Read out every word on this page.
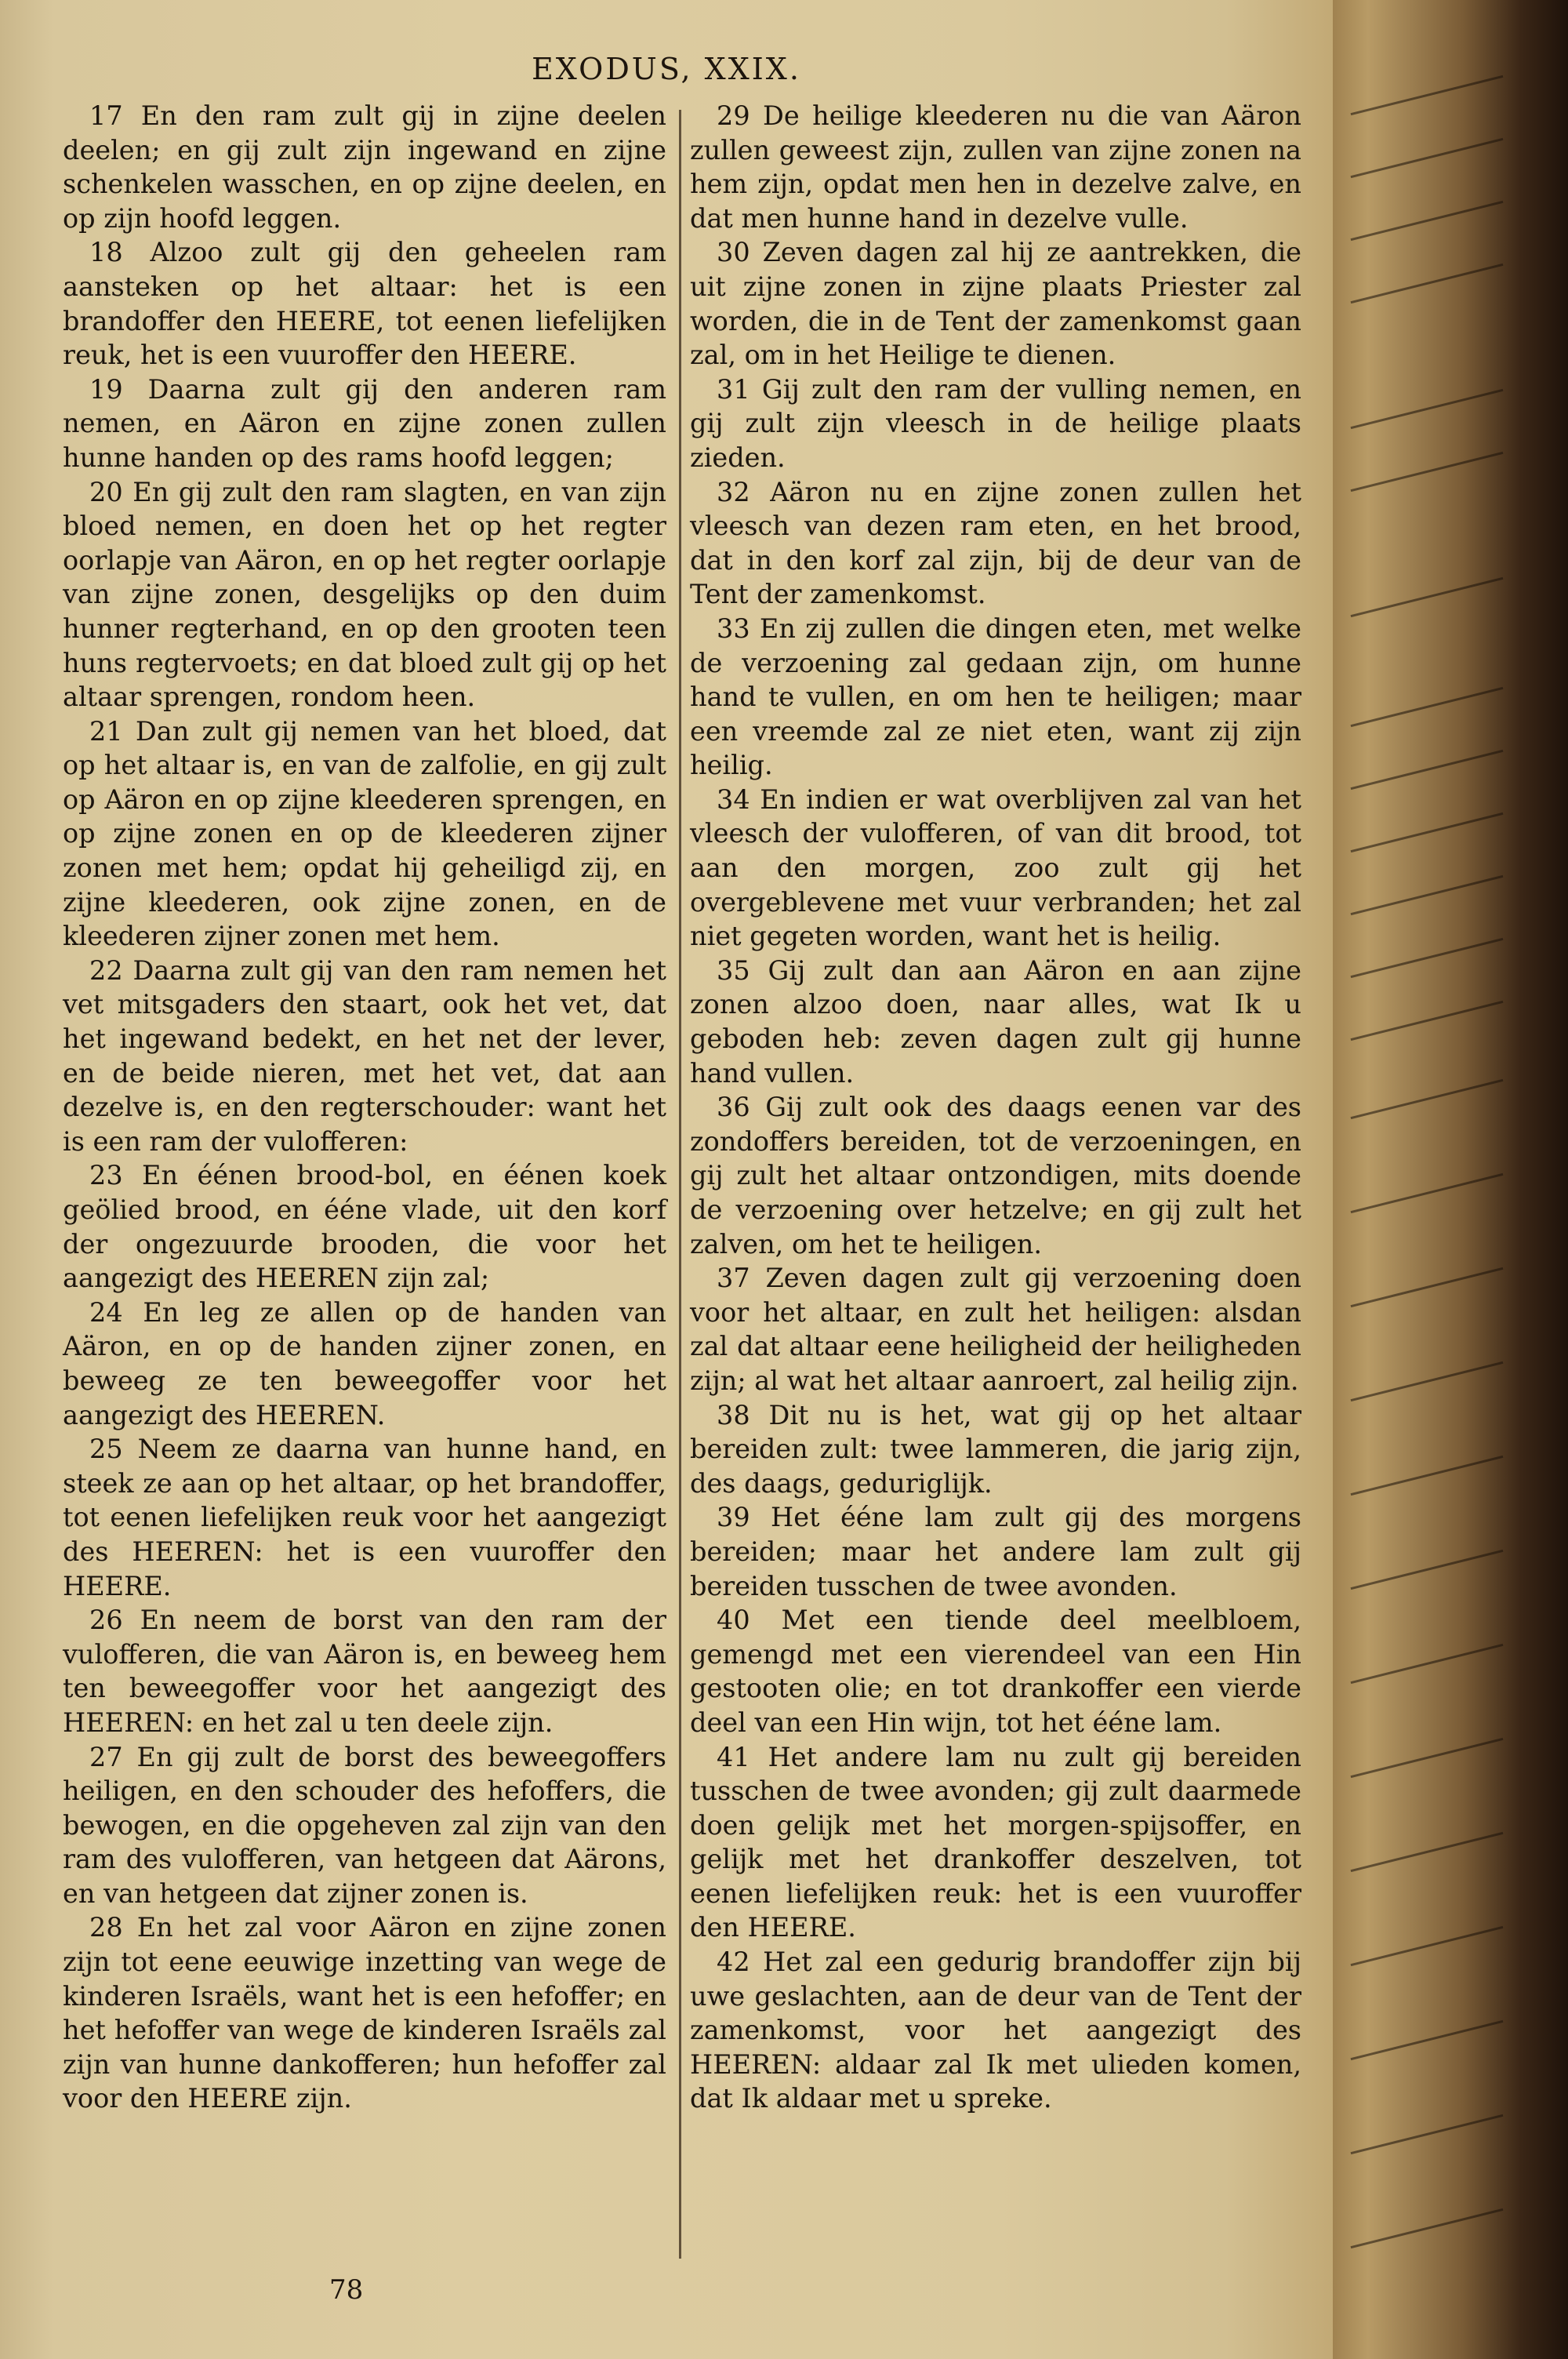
EXODUS, XXIX.

17 En den ram zult gij in zijne deelen deelen; en gij zult zijn ingewand en zijne schenkelen wasschen, en op zijne deelen, en op zijn hoofd leggen.

18 Alzoo zult gij den geheelen ram aansteken op het altaar: het is een brandoffer den HEERE, tot eenen liefelijken reuk, het is een vuuroffer den HEERE.

19 Daarna zult gij den anderen ram nemen, en Aäron en zijne zonen zullen hunne handen op des rams hoofd leggen;

20 En gij zult den ram slagten, en van zijn bloed nemen, en doen het op het regter oorlapje van Aäron, en op het regter oorlapje van zijne zonen, desgelijks op den duim hunner regterhand, en op den grooten teen huns regtervoets; en dat bloed zult gij op het altaar sprengen, rondom heen.

21 Dan zult gij nemen van het bloed, dat op het altaar is, en van de zalfolie, en gij zult op Aäron en op zijne kleederen sprengen, en op zijne zonen en op de kleederen zijner zonen met hem; opdat hij geheiligd zij, en zijne kleederen, ook zijne zonen, en de kleederen zijner zonen met hem.

22 Daarna zult gij van den ram nemen het vet mitsgaders den staart, ook het vet, dat het ingewand bedekt, en het net der lever, en de beide nieren, met het vet, dat aan dezelve is, en den regterschouder: want het is een ram der vulofferen:

23 En éénen brood-bol, en éénen koek geölied brood, en ééne vlade, uit den korf der ongezuurde brooden, die voor het aangezigt des HEEREN zijn zal;

24 En leg ze allen op de handen van Aäron, en op de handen zijner zonen, en beweeg ze ten beweegoffer voor het aangezigt des HEEREN.

25 Neem ze daarna van hunne hand, en steek ze aan op het altaar, op het brandoffer, tot eenen liefelijken reuk voor het aangezigt des HEEREN: het is een vuuroffer den HEERE.

26 En neem de borst van den ram der vulofferen, die van Aäron is, en beweeg hem ten beweegoffer voor het aangezigt des HEEREN: en het zal u ten deele zijn.

27 En gij zult de borst des beweegoffers heiligen, en den schouder des hefoffers, die bewogen, en die opgeheven zal zijn van den ram des vulofferen, van hetgeen dat Aärons, en van hetgeen dat zijner zonen is.

28 En het zal voor Aäron en zijne zonen zijn tot eene eeuwige inzetting van wege de kinderen Israëls, want het is een hefoffer; en het hefoffer van wege de kinderen Israëls zal zijn van hunne dankofferen; hun hefoffer zal voor den HEERE zijn.

29 De heilige kleederen nu die van Aäron zullen geweest zijn, zullen van zijne zonen na hem zijn, opdat men hen in dezelve zalve, en dat men hunne hand in dezelve vulle.

30 Zeven dagen zal hij ze aantrekken, die uit zijne zonen in zijne plaats Priester zal worden, die in de Tent der zamenkomst gaan zal, om in het Heilige te dienen.

31 Gij zult den ram der vulling nemen, en gij zult zijn vleesch in de heilige plaats zieden.

32 Aäron nu en zijne zonen zullen het vleesch van dezen ram eten, en het brood, dat in den korf zal zijn, bij de deur van de Tent der zamenkomst.

33 En zij zullen die dingen eten, met welke de verzoening zal gedaan zijn, om hunne hand te vullen, en om hen te heiligen; maar een vreemde zal ze niet eten, want zij zijn heilig.

34 En indien er wat overblijven zal van het vleesch der vulofferen, of van dit brood, tot aan den morgen, zoo zult gij het overgeblevene met vuur verbranden; het zal niet gegeten worden, want het is heilig.

35 Gij zult dan aan Aäron en aan zijne zonen alzoo doen, naar alles, wat Ik u geboden heb: zeven dagen zult gij hunne hand vullen.

36 Gij zult ook des daags eenen var des zondoffers bereiden, tot de verzoeningen, en gij zult het altaar ontzondigen, mits doende de verzoening over hetzelve; en gij zult het zalven, om het te heiligen.

37 Zeven dagen zult gij verzoening doen voor het altaar, en zult het heiligen: alsdan zal dat altaar eene heiligheid der heiligheden zijn; al wat het altaar aanroert, zal heilig zijn.

38 Dit nu is het, wat gij op het altaar bereiden zult: twee lammeren, die jarig zijn, des daags, geduriglijk.

39 Het ééne lam zult gij des morgens bereiden; maar het andere lam zult gij bereiden tusschen de twee avonden.

40 Met een tiende deel meelbloem, gemengd met een vierendeel van een Hin gestooten olie; en tot drankoffer een vierde deel van een Hin wijn, tot het ééne lam.

41 Het andere lam nu zult gij bereiden tusschen de twee avonden; gij zult daarmede doen gelijk met het morgen-spijsoffer, en gelijk met het drankoffer deszelven, tot eenen liefelijken reuk: het is een vuuroffer den HEERE.

42 Het zal een gedurig brandoffer zijn bij uwe geslachten, aan de deur van de Tent der zamenkomst, voor het aangezigt des HEEREN: aldaar zal Ik met ulieden komen, dat Ik aldaar met u spreke.

78
